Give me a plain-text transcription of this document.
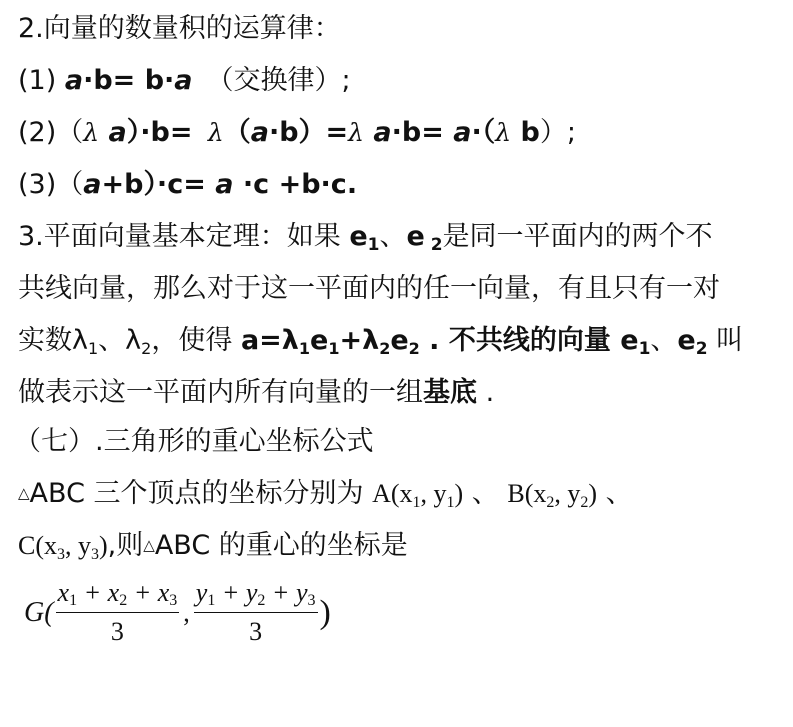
2.向量的数量积的运算律：
(1) a·b= b·a （交换律）;
(2)（λ a）·b= λ（a·b）=λ a·b= a·（λ b）;
(3)（a+b）·c= a ·c +b·c.
3.平面向量基本定理：如果 e1、e 2是同一平面内的两个不
共线向量，那么对于这一平面内的任一向量，有且只有一对
实数$\lambda_1$、$\lambda_2$，使得 $a=\lambda_1e_1+\lambda_2e_2$ . 不共线的向量 e1、e2 叫
做表示这一平面内所有向量的一组基底 .
（七）.三角形的重心坐标公式
△ABC 三个顶点的坐标分别为 $A(x_1$, $y_1$) 、 $B(x_2$, $y_2$) 、
$C(x_3$, $y_3$),则△ABC 的重心的坐标是
$G( \frac{x1 + x2 + x3}{3}$ , $\frac{y1 + y2 + y3}{3}$ )
